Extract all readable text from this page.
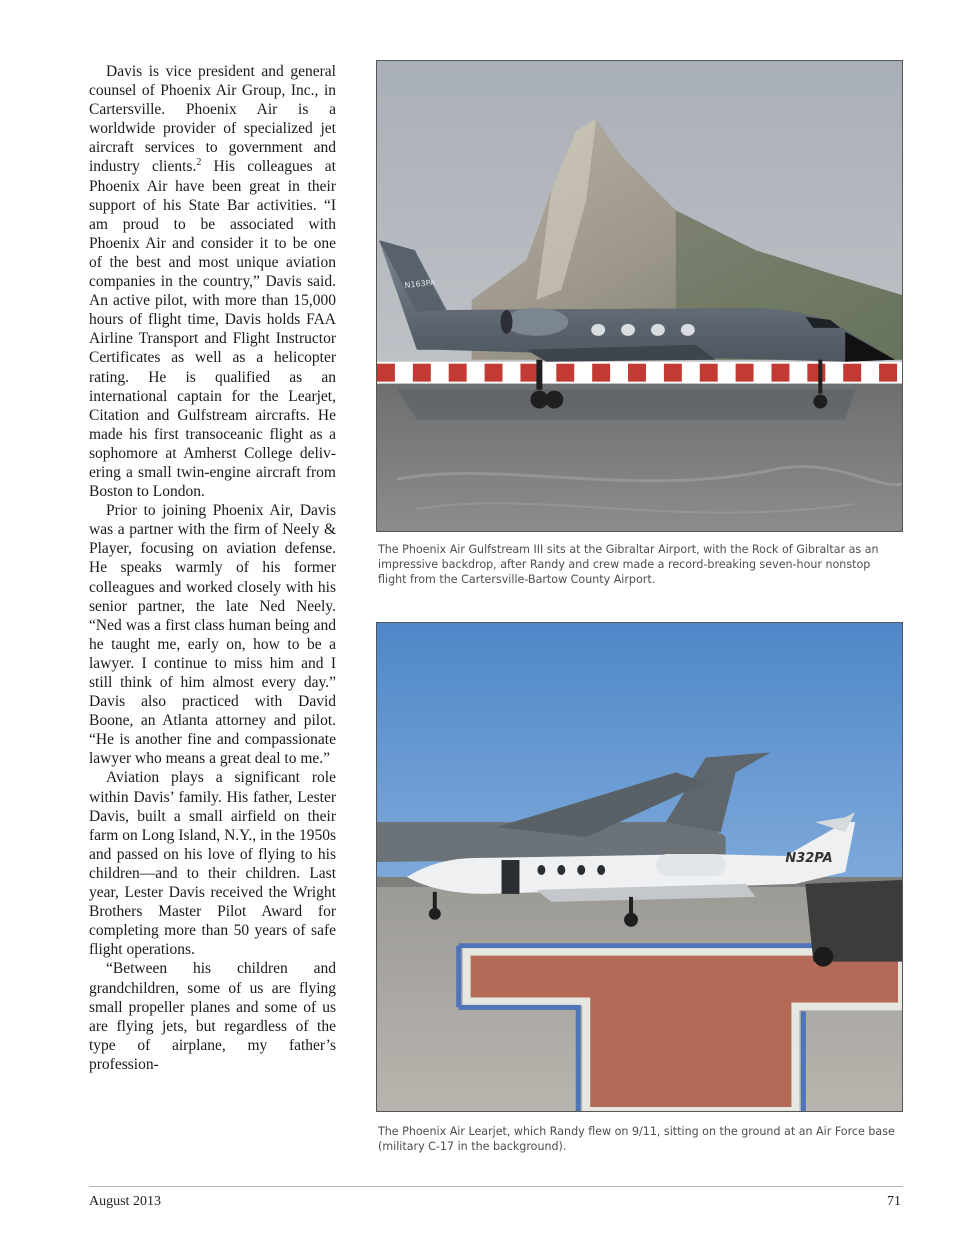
Davis is vice president and general counsel of Phoenix Air Group, Inc., in Cartersville. Phoenix Air is a worldwide provider of specialized jet aircraft services to government and industry clients.$^2$ His colleagues at Phoenix Air have been great in their support of his State Bar activities. “I am proud to be associated with Phoenix Air and consider it to be one of the best and most unique aviation companies in the country,” Davis said. An active pilot, with more than 15,000 hours of flight time, Davis holds FAA Airline Transport and Flight Instructor Certificates as well as a helicopter rating. He is qualified as an international captain for the Learjet, Citation and Gulfstream aircrafts. He made his first transoceanic flight as a sophomore at Amherst College delivering a small twin-engine aircraft from Boston to London.

Prior to joining Phoenix Air, Davis was a partner with the firm of Neely & Player, focusing on aviation defense. He speaks warmly of his former colleagues and worked closely with his senior partner, the late Ned Neely. “Ned was a first class human being and he taught me, early on, how to be a lawyer. I continue to miss him and I still think of him almost every day.” Davis also practiced with David Boone, an Atlanta attorney and pilot. “He is another fine and compassionate lawyer who means a great deal to me.”

Aviation plays a significant role within Davis’ family. His father, Lester Davis, built a small airfield on their farm on Long Island, N.Y., in the 1950s and passed on his love of flying to his children—and to their children. Last year, Lester Davis received the Wright Brothers Master Pilot Award for completing more than 50 years of safe flight operations.

“Between his children and grandchildren, some of us are flying small propeller planes and some of us are flying jets, but regardless of the type of airplane, my father’s profession-

N163PA
The Phoenix Air Gulfstream III sits at the Gibraltar Airport, with the Rock of Gibraltar as an impressive backdrop, after Randy and crew made a record-breaking seven-hour nonstop flight from the Cartersville-Bartow County Airport.
N32PA
The Phoenix Air Learjet, which Randy flew on 9/11, sitting on the ground at an Air Force base (military C-17 in the background).
August 2013	71
